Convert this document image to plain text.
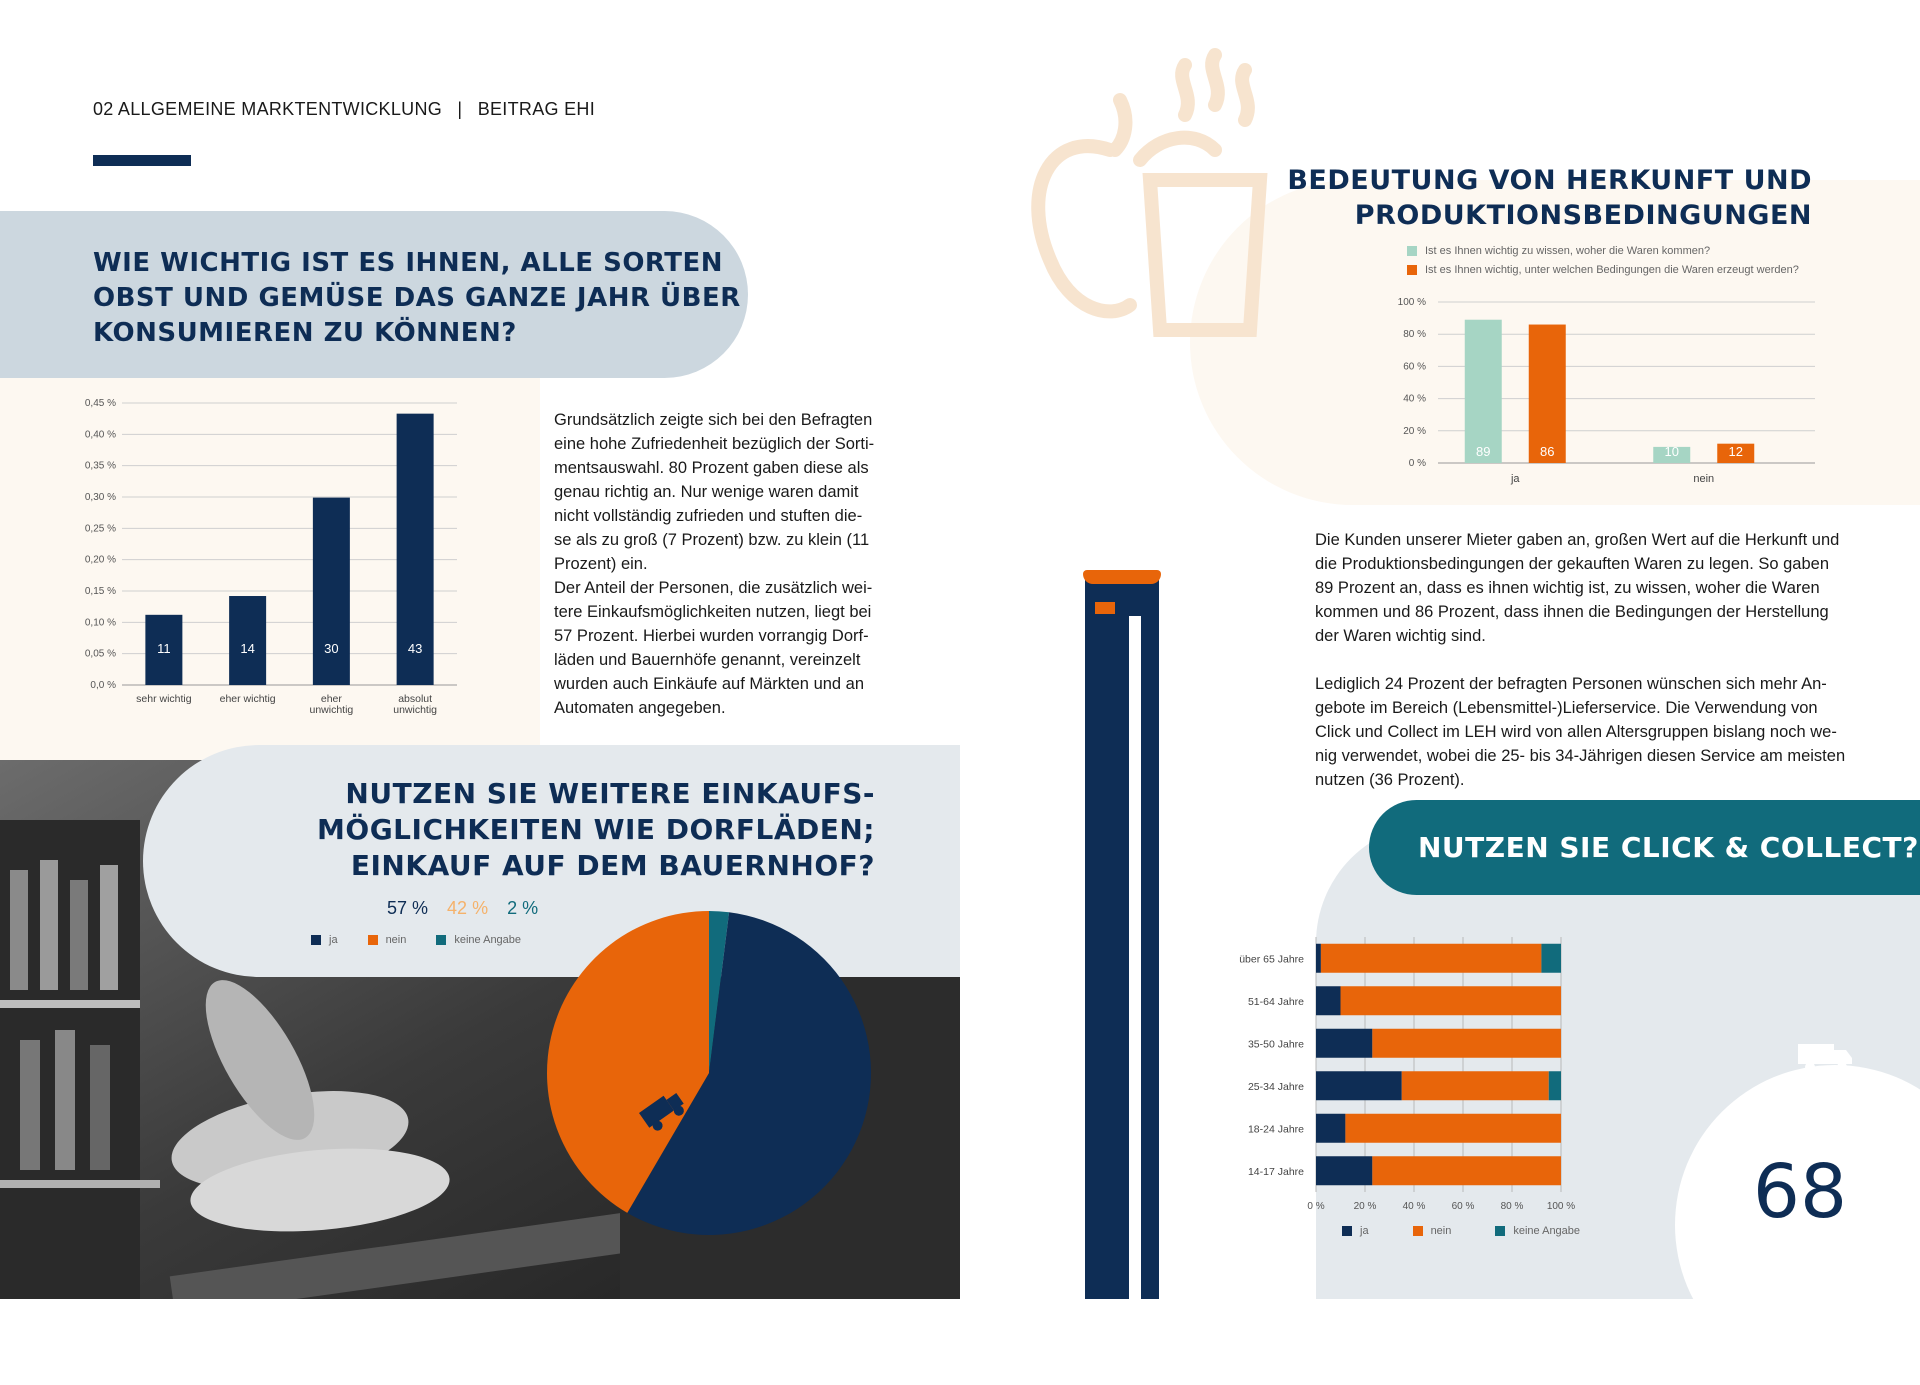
02 ALLGEMEINE MARKTENTWICKLUNG | BEITRAG EHI
WIE WICHTIG IST ES IHNEN, ALLE SORTEN
OBST UND GEMÜSE DAS GANZE JAHR ÜBER
KONSUMIEREN ZU KÖNNEN?
0,0 %
0,05 %
0,10 %
0,15 %
0,20 %
0,25 %
0,30 %
0,35 %
0,40 %
0,45 %
11
sehr wichtig
14
eher wichtig
30
eher
unwichtig
43
absolut
unwichtig
Grundsätzlich zeigte sich bei den Befragten
eine hohe Zufriedenheit bezüglich der Sorti-
mentsauswahl. 80 Prozent gaben diese als
genau richtig an. Nur wenige waren damit
nicht vollständig zufrieden und stuften die-
se als zu groß (7 Prozent) bzw. zu klein (11
Prozent) ein.
Der Anteil der Personen, die zusätzlich wei-
tere Einkaufsmöglichkeiten nutzen, liegt bei
57 Prozent. Hierbei wurden vorrangig Dorf-
läden und Bauernhöfe genannt, vereinzelt
wurden auch Einkäufe auf Märkten und an
Automaten angegeben.
NUTZEN SIE WEITERE EINKAUFS-
MÖGLICHKEITEN WIE DORFLÄDEN;
EINKAUF AUF DEM BAUERNHOF?
57 % 42 % 2 %
ja	nein	keine Angabe
BEDEUTUNG VON HERKUNFT UND
PRODUKTIONSBEDINGUNGEN
Ist es Ihnen wichtig zu wissen, woher die Waren kommen?
Ist es Ihnen wichtig, unter welchen Bedingungen die Waren erzeugt werden?
0 %
20 %
40 %
60 %
80 %
100 %
89	86
ja
10	12
nein
Die Kunden unserer Mieter gaben an, großen Wert auf die Herkunft und
die Produktionsbedingungen der gekauften Waren zu legen. So gaben
89 Prozent an, dass es ihnen wichtig ist, zu wissen, woher die Waren
kommen und 86 Prozent, dass ihnen die Bedingungen der Herstellung
der Waren wichtig sind.
Lediglich 24 Prozent der befragten Personen wünschen sich mehr An-
gebote im Bereich (Lebensmittel-)Lieferservice. Die Verwendung von
Click und Collect im LEH wird von allen Altersgruppen bislang noch we-
nig verwendet, wobei die 25- bis 34-Jährigen diesen Service am meisten
nutzen (36 Prozent).
NUTZEN SIE CLICK & COLLECT?
0 %	20 %	40 %	60 %	80 % 100 %
über 65 Jahre
51-64 Jahre
35-50 Jahre
25-34 Jahre
18-24 Jahre
14-17 Jahre
ja	nein	keine Angabe 68
